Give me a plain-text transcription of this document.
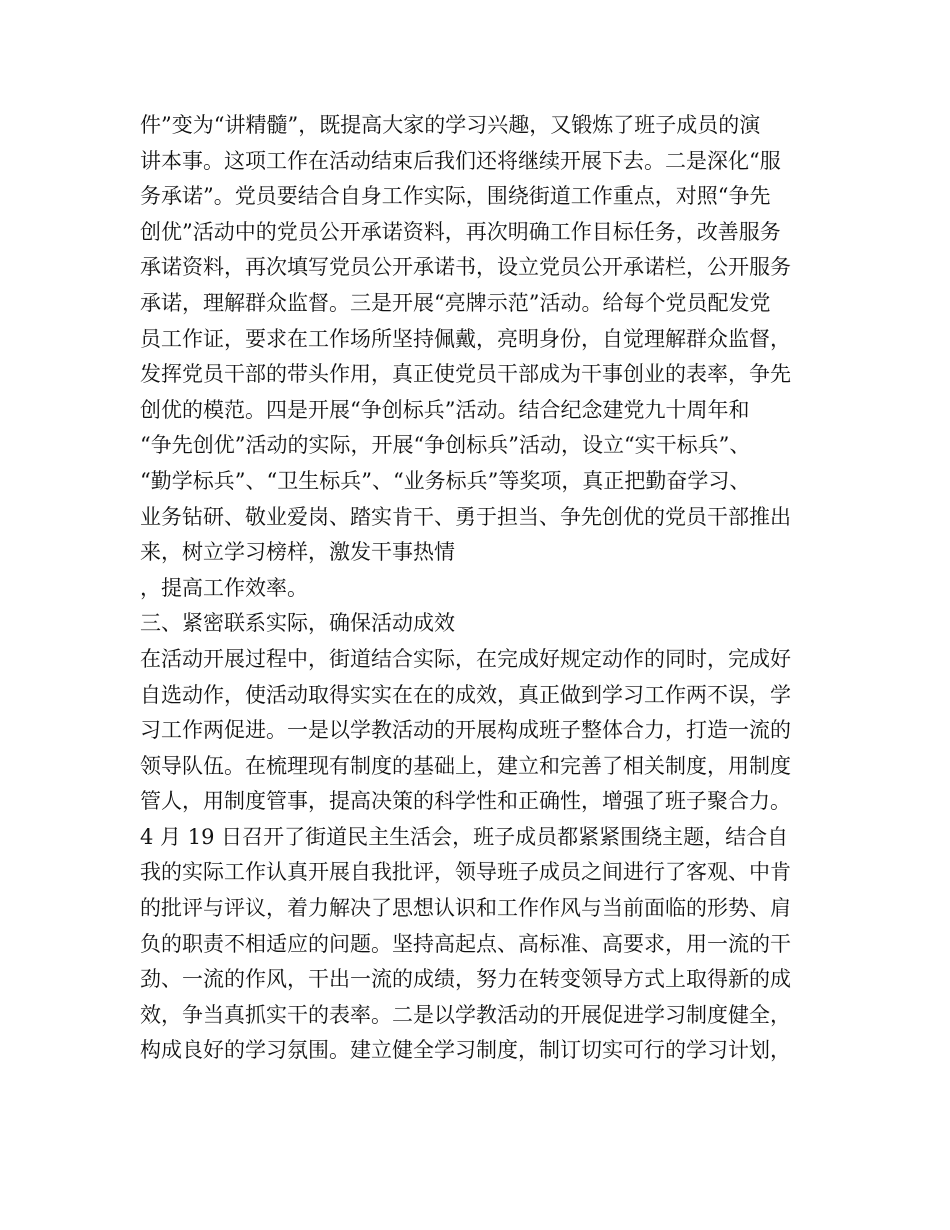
件”变为“讲精髓”，既提高大家的学习兴趣，又锻炼了班子成员的演
讲本事。这项工作在活动结束后我们还将继续开展下去。二是深化“服
务承诺”。党员要结合自身工作实际，围绕街道工作重点，对照“争先
创优”活动中的党员公开承诺资料，再次明确工作目标任务，改善服务
承诺资料，再次填写党员公开承诺书，设立党员公开承诺栏，公开服务
承诺，理解群众监督。三是开展“亮牌示范”活动。给每个党员配发党
员工作证，要求在工作场所坚持佩戴，亮明身份，自觉理解群众监督，
发挥党员干部的带头作用，真正使党员干部成为干事创业的表率，争先
创优的模范。四是开展“争创标兵”活动。结合纪念建党九十周年和
“争先创优”活动的实际，开展“争创标兵”活动，设立“实干标兵”、
“勤学标兵”、“卫生标兵”、“业务标兵”等奖项，真正把勤奋学习、
业务钻研、敬业爱岗、踏实肯干、勇于担当、争先创优的党员干部推出
来，树立学习榜样，激发干事热情
，提高工作效率。
三、紧密联系实际，确保活动成效
在活动开展过程中，街道结合实际，在完成好规定动作的同时，完成好
自选动作，使活动取得实实在在的成效，真正做到学习工作两不误，学
习工作两促进。一是以学教活动的开展构成班子整体合力，打造一流的
领导队伍。在梳理现有制度的基础上，建立和完善了相关制度，用制度
管人，用制度管事，提高决策的科学性和正确性，增强了班子聚合力。
4 月 19 日召开了街道民主生活会，班子成员都紧紧围绕主题，结合自
我的实际工作认真开展自我批评，领导班子成员之间进行了客观、中肯
的批评与评议，着力解决了思想认识和工作作风与当前面临的形势、肩
负的职责不相适应的问题。坚持高起点、高标准、高要求，用一流的干
劲、一流的作风，干出一流的成绩，努力在转变领导方式上取得新的成
效，争当真抓实干的表率。二是以学教活动的开展促进学习制度健全，
构成良好的学习氛围。建立健全学习制度，制订切实可行的学习计划，
